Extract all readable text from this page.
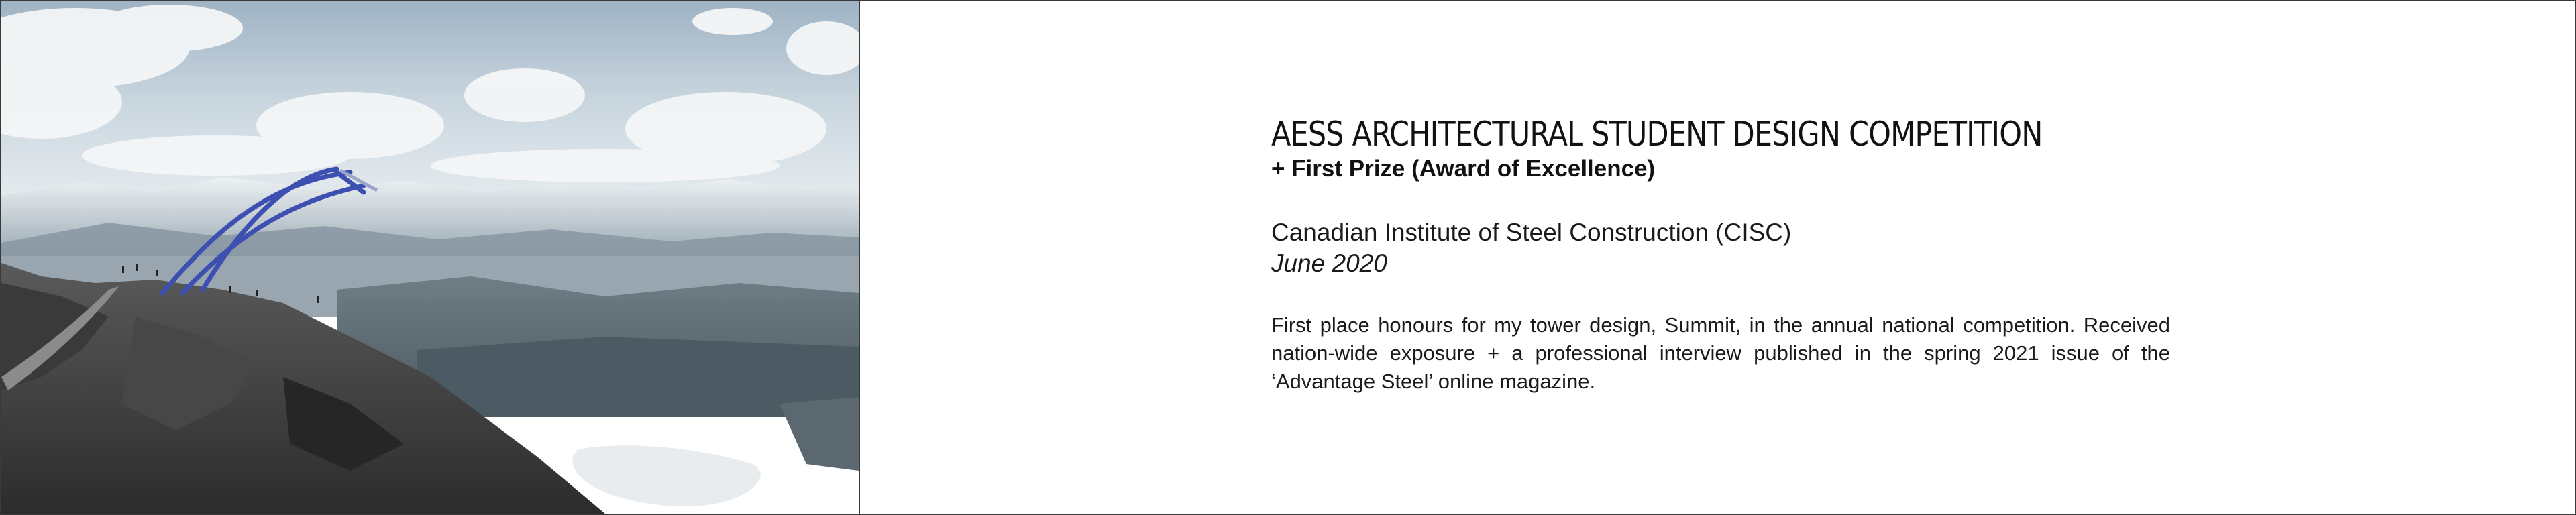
AESS ARCHITECTURAL STUDENT DESIGN COMPETITION

+ First Prize (Award of Excellence)

Canadian Institute of Steel Construction (CISC)

June 2020

First place honours for my tower design, Summit, in the annual national competition. Received nation-wide exposure + a professional interview published in the spring 2021 issue of the ‘Advantage Steel’ online magazine.
